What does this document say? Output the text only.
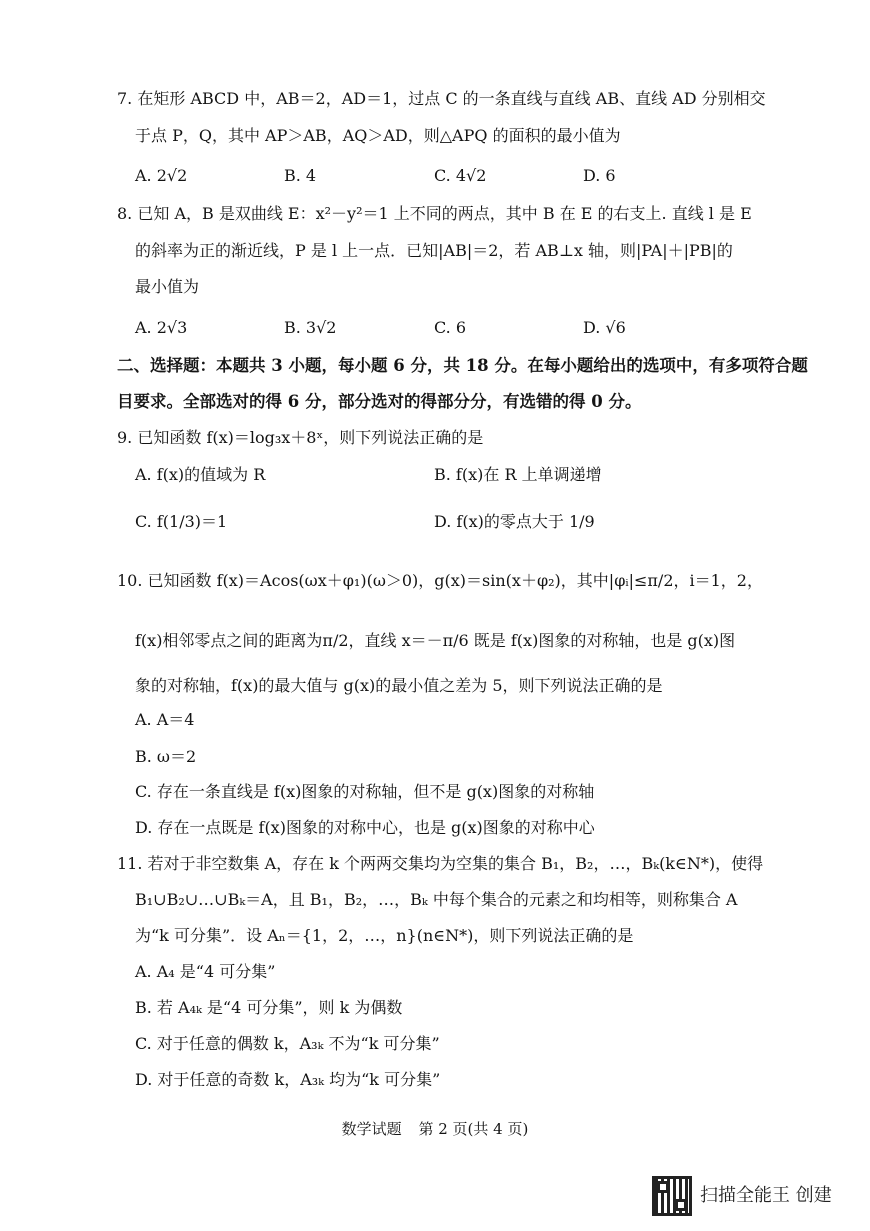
7. 在矩形 ABCD 中，AB＝2，AD＝1，过点 C 的一条直线与直线 AB、直线 AD 分别相交
于点 P，Q，其中 AP＞AB，AQ＞AD，则△APQ 的面积的最小值为
A. 2√2	B. 4	C. 4√2	D. 6
8. 已知 A，B 是双曲线 E：x²－y²＝1 上不同的两点，其中 B 在 E 的右支上. 直线 l 是 E
的斜率为正的渐近线，P 是 l 上一点．已知|AB|＝2，若 AB⊥x 轴，则|PA|＋|PB|的
最小值为
A. 2√3	B. 3√2	C. 6	D. √6
二、选择题：本题共 3 小题，每小题 6 分，共 18 分。在每小题给出的选项中，有多项符合题
目要求。全部选对的得 6 分，部分选对的得部分分，有选错的得 0 分。
9. 已知函数 f(x)＝log₃x＋8ˣ，则下列说法正确的是
A. f(x)的值域为 R	B. f(x)在 R 上单调递增
C. f(1/3)＝1	D. f(x)的零点大于 1/9
10. 已知函数 f(x)＝Acos(ωx＋φ₁)(ω＞0)，g(x)＝sin(x＋φ₂)，其中|φᵢ|≤π/2，i＝1，2，
f(x)相邻零点之间的距离为π/2，直线 x＝－π/6 既是 f(x)图象的对称轴，也是 g(x)图
象的对称轴，f(x)的最大值与 g(x)的最小值之差为 5，则下列说法正确的是
A. A＝4
B. ω＝2
C. 存在一条直线是 f(x)图象的对称轴，但不是 g(x)图象的对称轴
D. 存在一点既是 f(x)图象的对称中心，也是 g(x)图象的对称中心
11. 若对于非空数集 A，存在 k 个两两交集均为空集的集合 B₁，B₂，…，Bₖ(k∈N*)，使得
B₁∪B₂∪…∪Bₖ＝A，且 B₁，B₂，…，Bₖ 中每个集合的元素之和均相等，则称集合 A
为“k 可分集”．设 Aₙ＝{1，2，…，n}(n∈N*)，则下列说法正确的是
A. A₄ 是“4 可分集”
B. 若 A₄ₖ 是“4 可分集”，则 k 为偶数
C. 对于任意的偶数 k，A₃ₖ 不为“k 可分集”
D. 对于任意的奇数 k，A₃ₖ 均为“k 可分集”
数学试题 第 2 页(共 4 页)
扫描全能王 创建
